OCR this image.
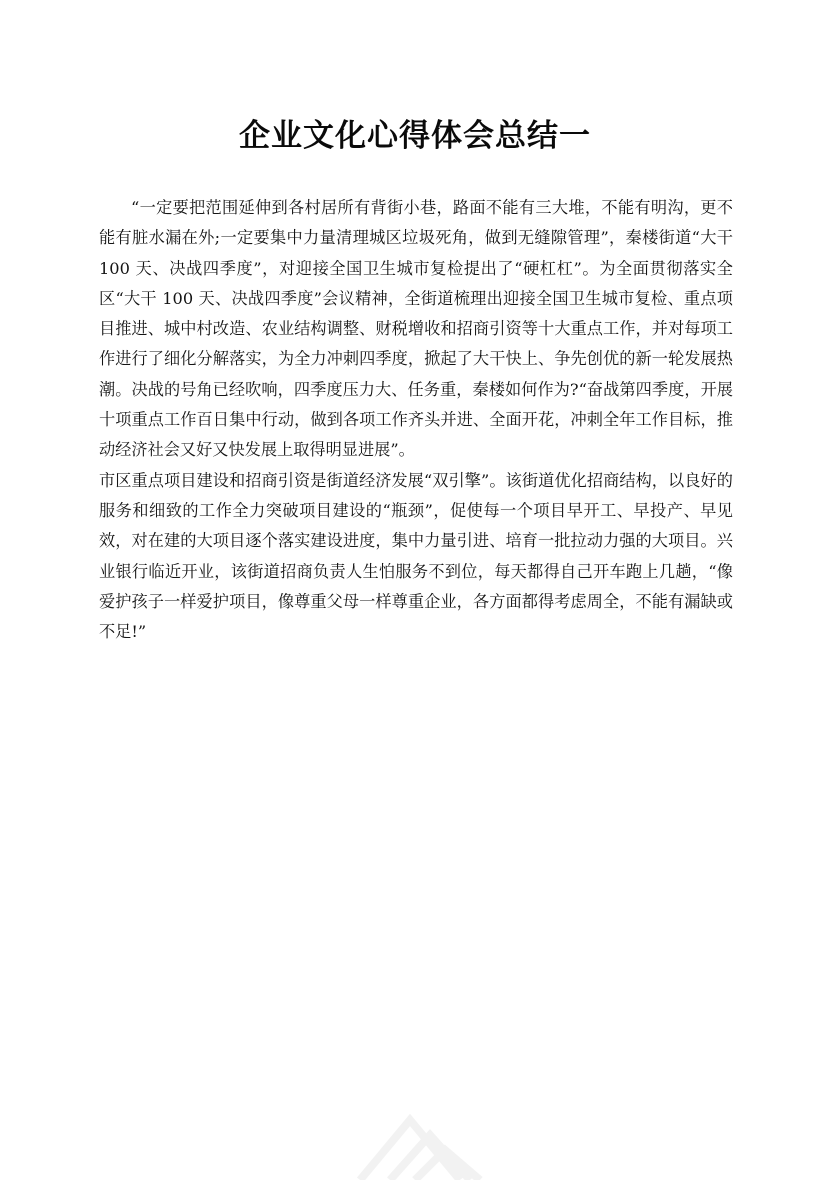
企业文化心得体会总结一

“一定要把范围延伸到各村居所有背街小巷，路面不能有三大堆，不能有明沟，更不能有脏水漏在外;一定要集中力量清理城区垃圾死角，做到无缝隙管理”，秦楼街道“大干 100 天、决战四季度”，对迎接全国卫生城市复检提出了“硬杠杠”。为全面贯彻落实全区“大干 100 天、决战四季度”会议精神，全街道梳理出迎接全国卫生城市复检、重点项目推进、城中村改造、农业结构调整、财税增收和招商引资等十大重点工作，并对每项工作进行了细化分解落实，为全力冲刺四季度，掀起了大干快上、争先创优的新一轮发展热潮。决战的号角已经吹响，四季度压力大、任务重，秦楼如何作为?“奋战第四季度，开展十项重点工作百日集中行动，做到各项工作齐头并进、全面开花，冲刺全年工作目标，推动经济社会又好又快发展上取得明显进展”。

市区重点项目建设和招商引资是街道经济发展“双引擎”。该街道优化招商结构，以良好的服务和细致的工作全力突破项目建设的“瓶颈”，促使每一个项目早开工、早投产、早见效，对在建的大项目逐个落实建设进度，集中力量引进、培育一批拉动力强的大项目。兴业银行临近开业，该街道招商负责人生怕服务不到位，每天都得自己开车跑上几趟，“像爱护孩子一样爱护项目，像尊重父母一样尊重企业，各方面都得考虑周全，不能有漏缺或不足!”
